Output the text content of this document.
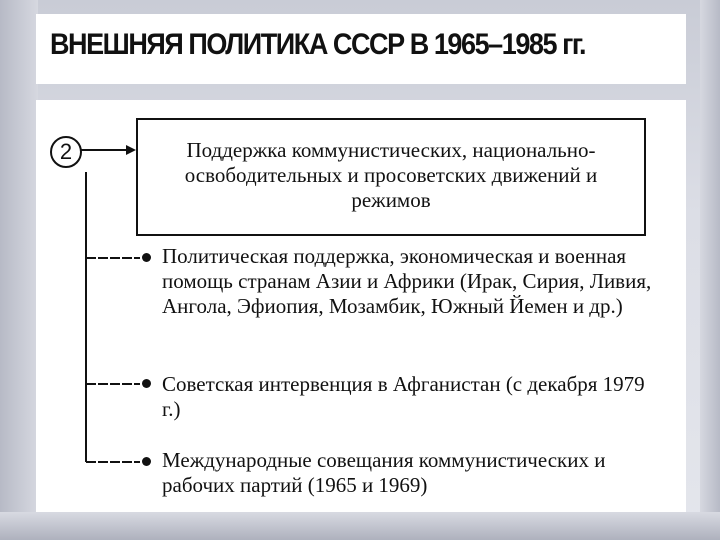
ВНЕШНЯЯ ПОЛИТИКА СССР В 1965–1985 гг.
2	Поддержка коммунистических, национально-освободительных и просоветских движений и режимов
Политическая поддержка, экономическая и военная помощь странам Азии и Африки (Ирак, Сирия, Ливия, Ангола, Эфиопия, Мозамбик, Южный Йемен и др.)
Советская интервенция в Афганистан (с декабря 1979 г.)
Международные совещания коммунистических и рабочих партий (1965 и 1969)
